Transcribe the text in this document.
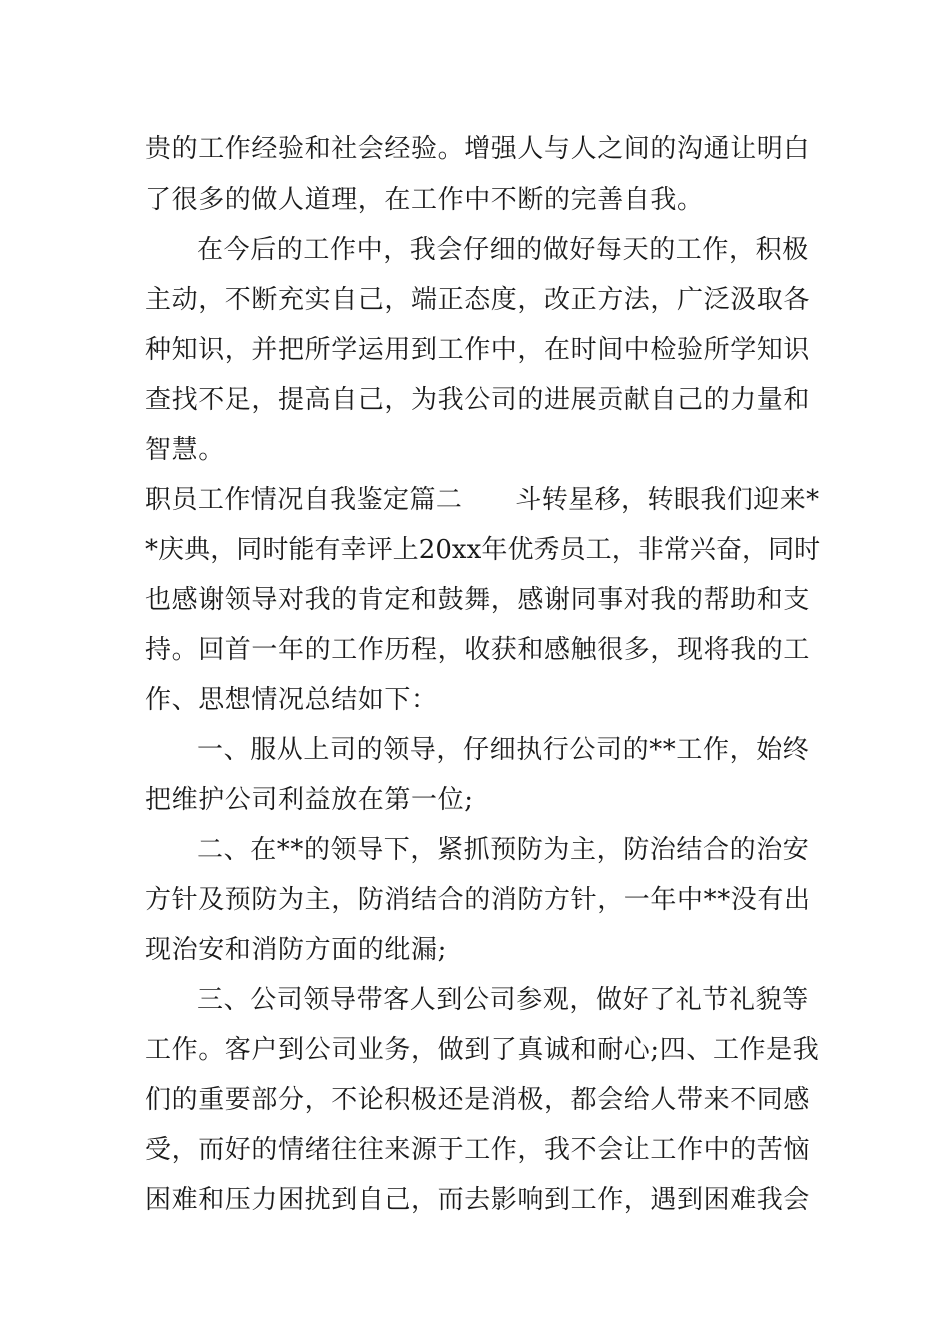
贵的工作经验和社会经验。增强人与人之间的沟通让明白
了很多的做人道理，在工作中不断的完善自我。
在今后的工作中，我会仔细的做好每天的工作，积极
主动，不断充实自己，端正态度，改正方法，广泛汲取各
种知识，并把所学运用到工作中，在时间中检验所学知识
查找不足，提高自己，为我公司的进展贡献自己的力量和
智慧。
职员工作情况自我鉴定篇二　　斗转星移，转眼我们迎来*
*庆典，同时能有幸评上20xx年优秀员工，非常兴奋，同时
也感谢领导对我的肯定和鼓舞，感谢同事对我的帮助和支
持。回首一年的工作历程，收获和感触很多，现将我的工
作、思想情况总结如下：
一、服从上司的领导，仔细执行公司的**工作，始终
把维护公司利益放在第一位;
二、在**的领导下，紧抓预防为主，防治结合的治安
方针及预防为主，防消结合的消防方针，一年中**没有出
现治安和消防方面的纰漏;
三、公司领导带客人到公司参观，做好了礼节礼貌等
工作。客户到公司业务，做到了真诚和耐心;四、工作是我
们的重要部分，不论积极还是消极，都会给人带来不同感
受，而好的情绪往往来源于工作，我不会让工作中的苦恼
困难和压力困扰到自己，而去影响到工作，遇到困难我会
